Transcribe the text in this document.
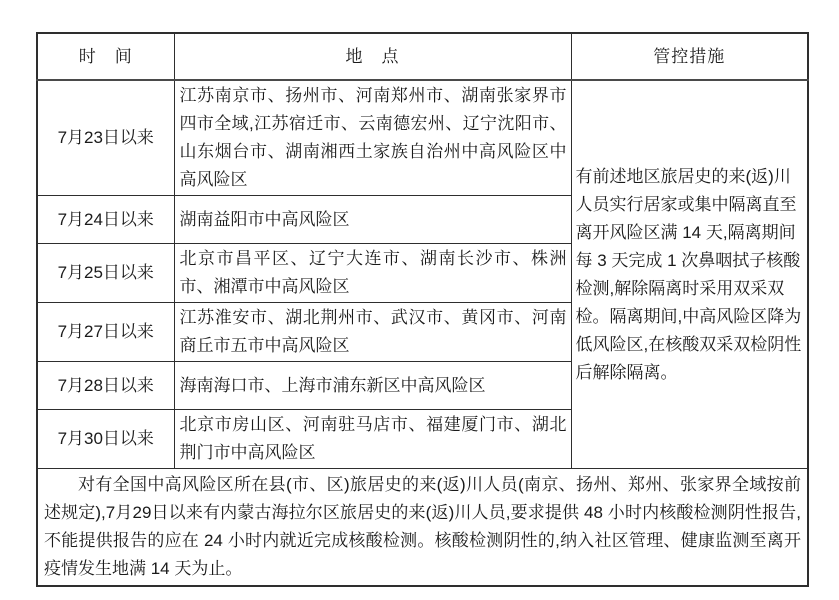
时　间	地　点	管控措施
7月23日以来	江苏南京市、扬州市、河南郑州市、湖南张家界市四市全域,江苏宿迁市、云南德宏州、辽宁沈阳市、山东烟台市、湖南湘西土家族自治州中高风险区中高风险区	有前述地区旅居史的来(返)川人员实行居家或集中隔离直至离开风险区满 14 天,隔离期间每 3 天完成 1 次鼻咽拭子核酸检测,解除隔离时采用双采双检。隔离期间,中高风险区降为低风险区,在核酸双采双检阴性后解除隔离。
7月24日以来	湖南益阳市中高风险区	
7月25日以来	北京市昌平区、辽宁大连市、湖南长沙市、株洲市、湘潭市中高风险区	
7月27日以来	江苏淮安市、湖北荆州市、武汉市、黄冈市、河南商丘市五市中高风险区	
7月28日以来	海南海口市、上海市浦东新区中高风险区	
7月30日以来	北京市房山区、河南驻马店市、福建厦门市、湖北荆门市中高风险区	
对有全国中高风险区所在县(市、区)旅居史的来(返)川人员(南京、扬州、郑州、张家界全域按前述规定),7月29日以来有内蒙古海拉尔区旅居史的来(返)川人员,要求提供 48 小时内核酸检测阴性报告,不能提供报告的应在 24 小时内就近完成核酸检测。核酸检测阴性的,纳入社区管理、健康监测至离开疫情发生地满 14 天为止。		
